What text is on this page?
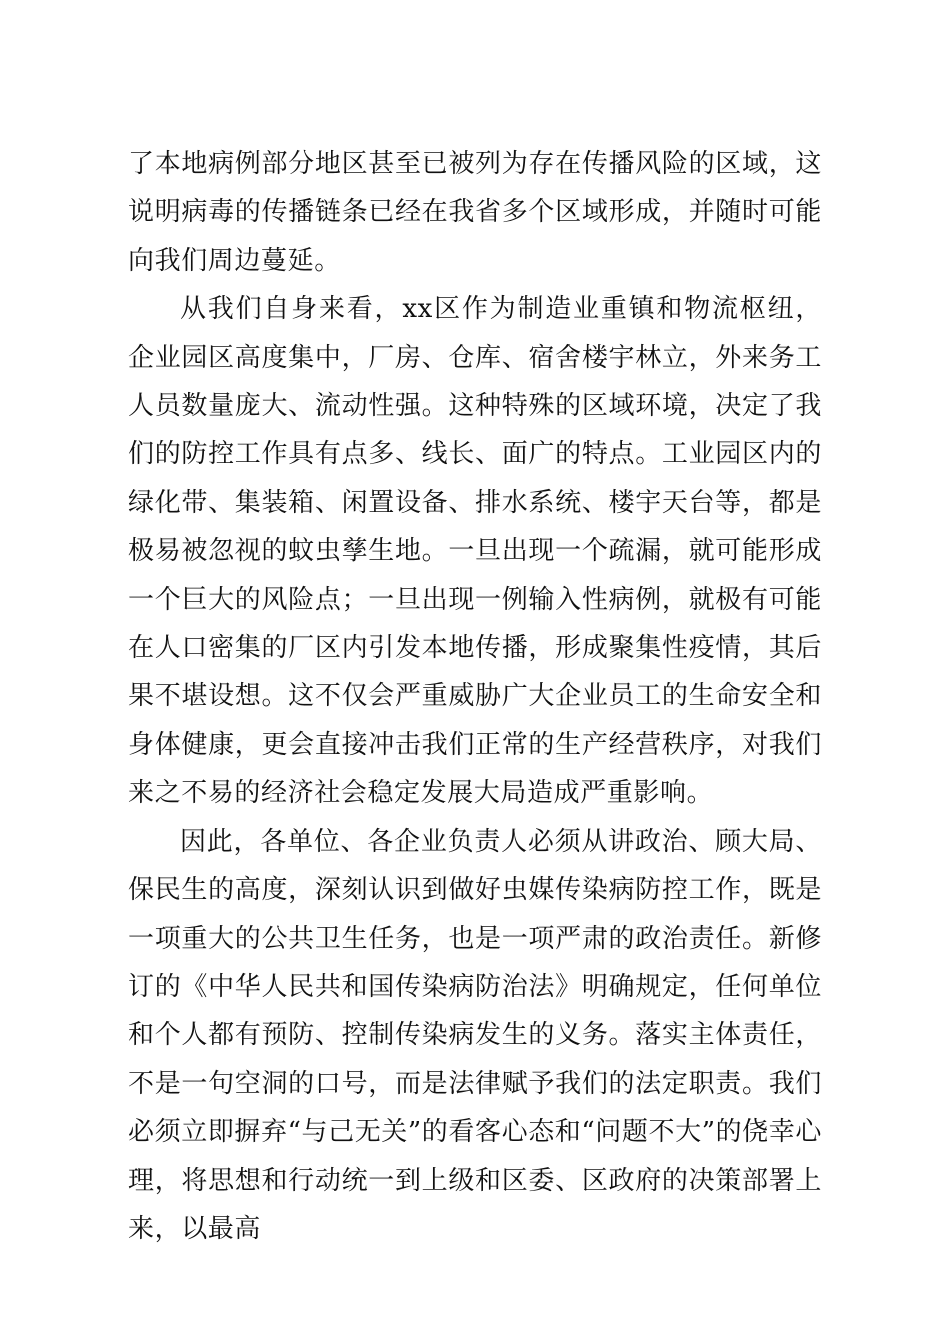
了本地病例部分地区甚至已被列为存在传播风险的区域，这说明病毒的传播链条已经在我省多个区域形成，并随时可能向我们周边蔓延。

从我们自身来看，xx区作为制造业重镇和物流枢纽，企业园区高度集中，厂房、仓库、宿舍楼宇林立，外来务工人员数量庞大、流动性强。这种特殊的区域环境，决定了我们的防控工作具有点多、线长、面广的特点。工业园区内的绿化带、集装箱、闲置设备、排水系统、楼宇天台等，都是极易被忽视的蚊虫孳生地。一旦出现一个疏漏，就可能形成一个巨大的风险点；一旦出现一例输入性病例，就极有可能在人口密集的厂区内引发本地传播，形成聚集性疫情，其后果不堪设想。这不仅会严重威胁广大企业员工的生命安全和身体健康，更会直接冲击我们正常的生产经营秩序，对我们来之不易的经济社会稳定发展大局造成严重影响。

因此，各单位、各企业负责人必须从讲政治、顾大局、保民生的高度，深刻认识到做好虫媒传染病防控工作，既是一项重大的公共卫生任务，也是一项严肃的政治责任。新修订的《中华人民共和国传染病防治法》明确规定，任何单位和个人都有预防、控制传染病发生的义务。落实主体责任，不是一句空洞的口号，而是法律赋予我们的法定职责。我们必须立即摒弃“与己无关”的看客心态和“问题不大”的侥幸心理，将思想和行动统一到上级和区委、区政府的决策部署上来，以最高
